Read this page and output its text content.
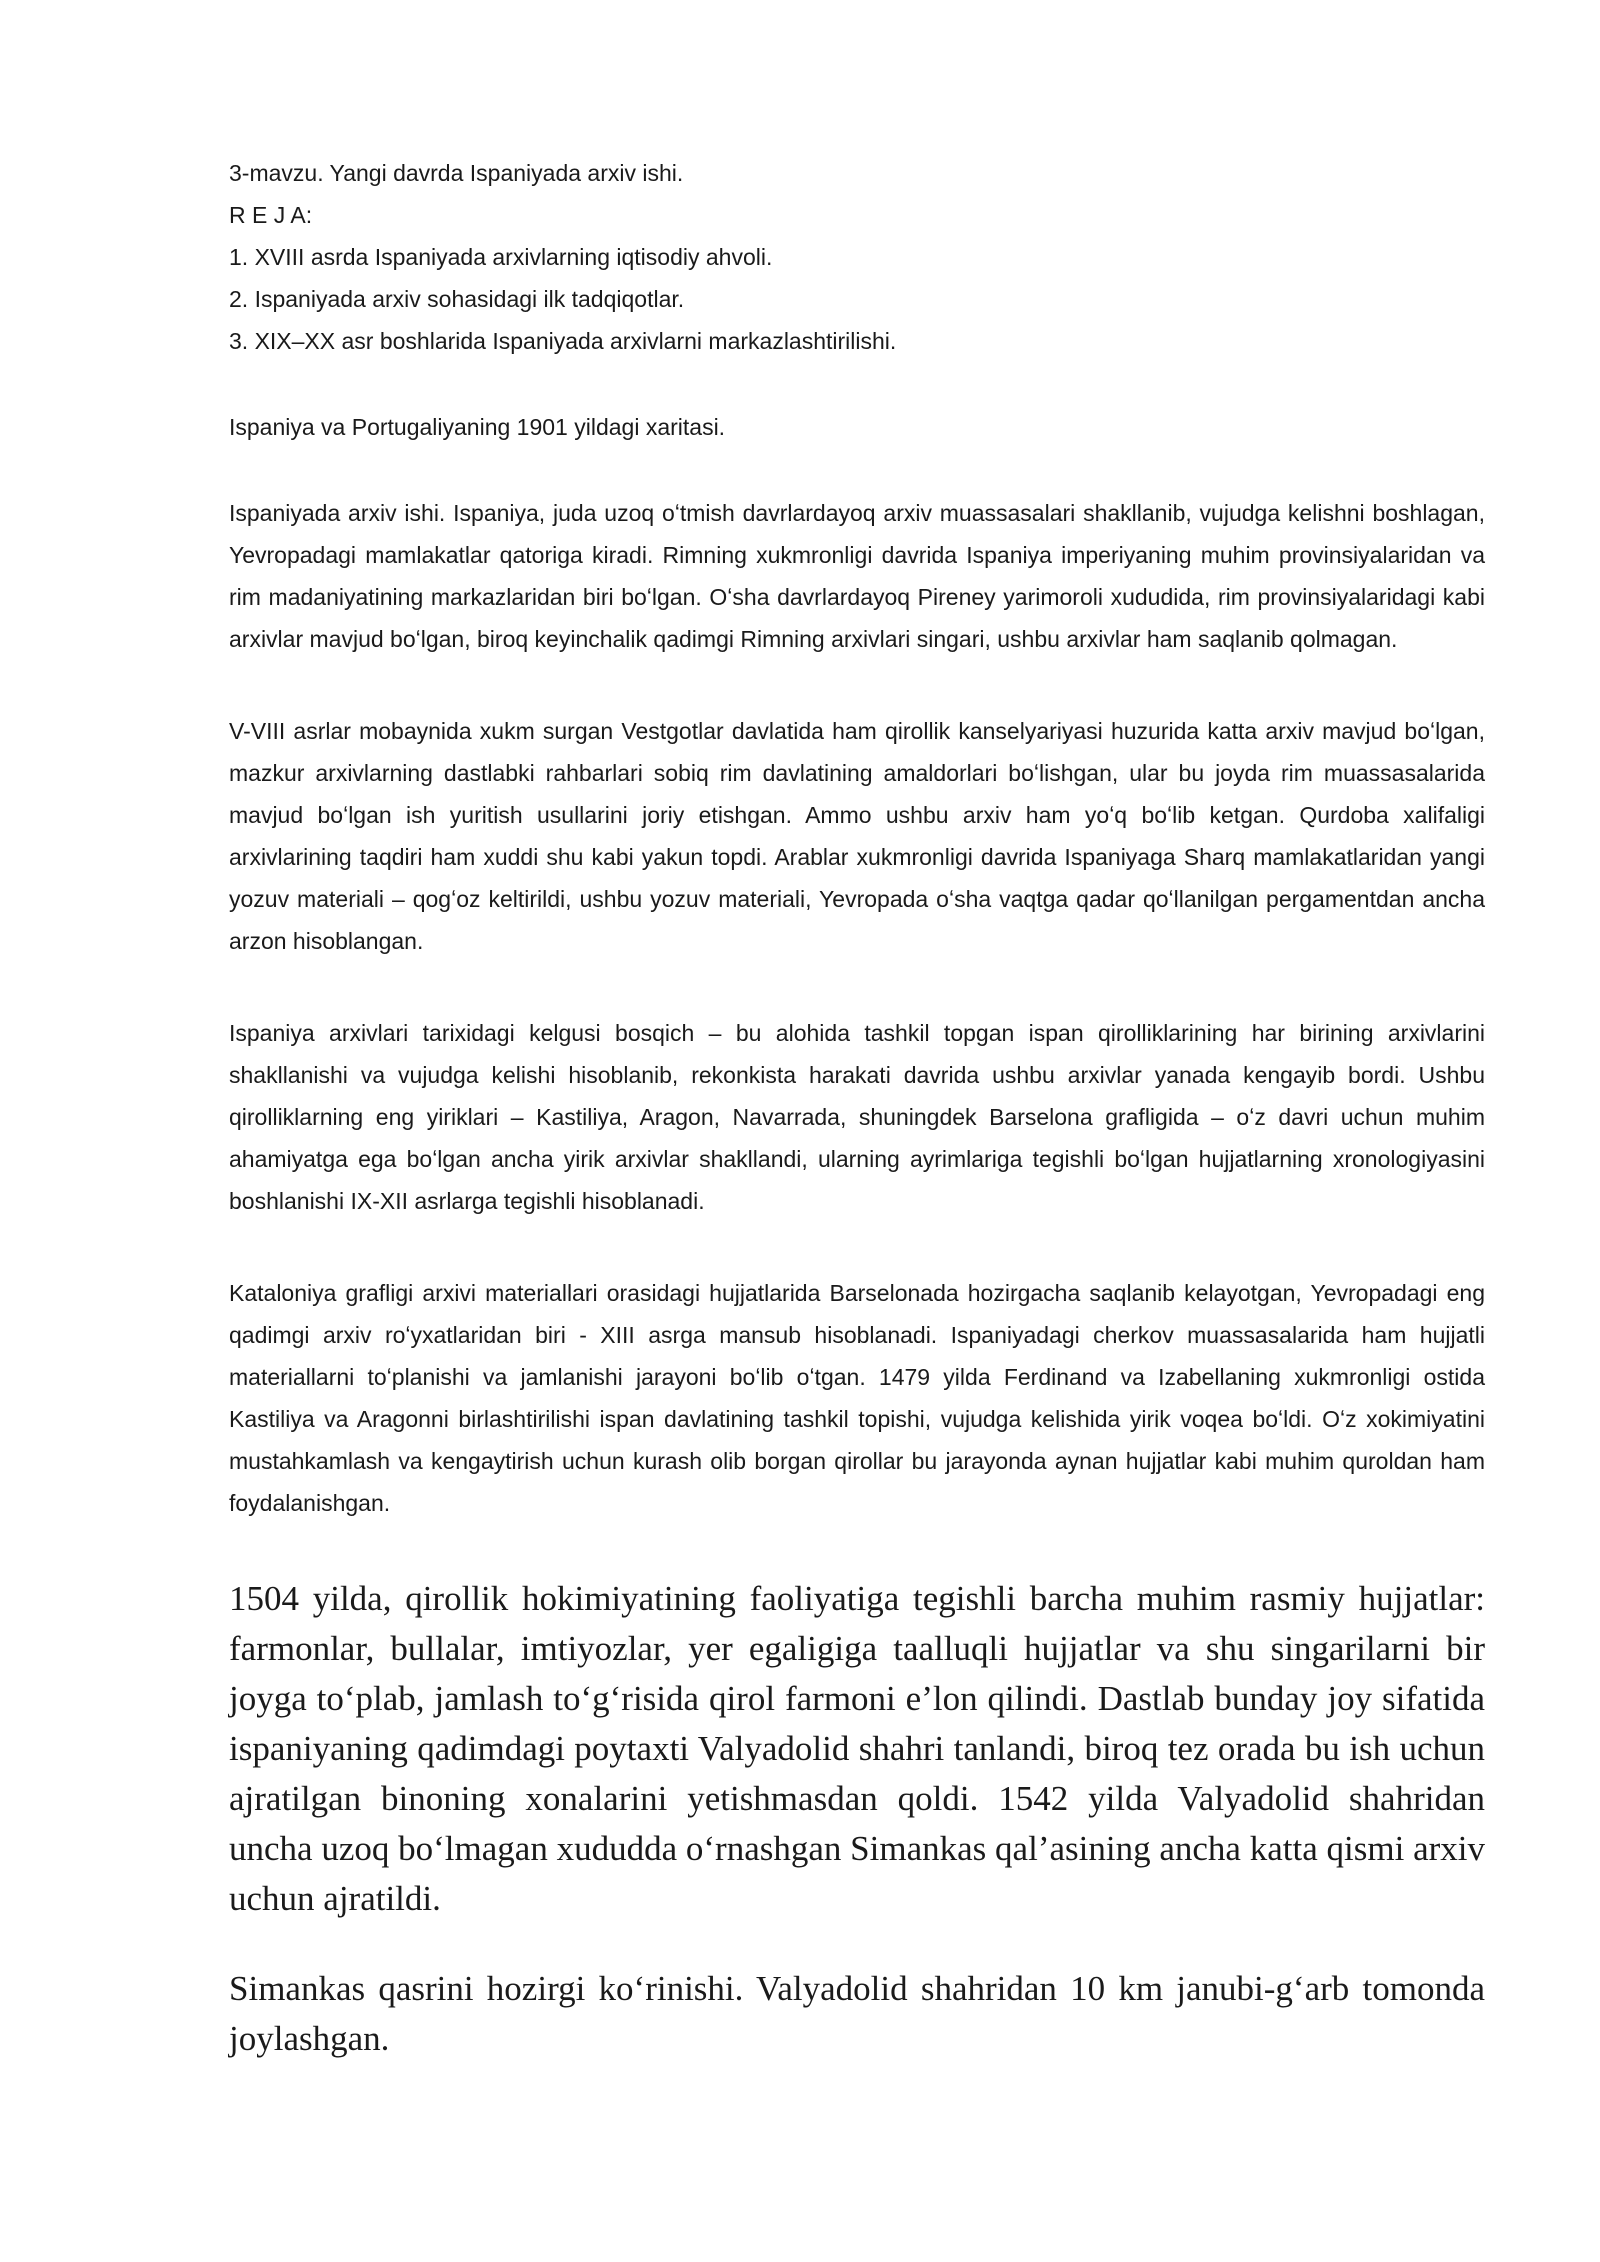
3-mavzu. Yangi davrda Ispaniyada arxiv ishi.

R E J A:

1. XVIII asrda Ispaniyada arxivlarning iqtisodiy ahvoli.

2. Ispaniyada arxiv sohasidagi ilk tadqiqotlar.

3. XIX–XX asr boshlarida Ispaniyada arxivlarni markazlashtirilishi.

Ispaniya va Portugaliyaning 1901 yildagi xaritasi.

Ispaniyada arxiv ishi. Ispaniya, juda uzoq oʻtmish davrlardayoq arxiv muassasalari shakllanib, vujudga kelishni boshlagan, Yevropadagi mamlakatlar qatoriga kiradi. Rimning xukmronligi davrida Ispaniya imperiyaning muhim provinsiyalaridan va rim madaniyatining markazlaridan biri boʻlgan. Oʻsha davrlardayoq Pireney yarimoroli xududida, rim provinsiyalaridagi kabi arxivlar mavjud boʻlgan, biroq keyinchalik qadimgi Rimning arxivlari singari, ushbu arxivlar ham saqlanib qolmagan.

V-VIII asrlar mobaynida xukm surgan Vestgotlar davlatida ham qirollik kanselyariyasi huzurida katta arxiv mavjud boʻlgan, mazkur arxivlarning dastlabki rahbarlari sobiq rim davlatining amaldorlari boʻlishgan, ular bu joyda rim muassasalarida mavjud boʻlgan ish yuritish usullarini joriy etishgan. Ammo ushbu arxiv ham yoʻq boʻlib ketgan. Qurdoba xalifaligi arxivlarining taqdiri ham xuddi shu kabi yakun topdi. Arablar xukmronligi davrida Ispaniyaga Sharq mamlakatlaridan yangi yozuv materiali – qogʻoz keltirildi, ushbu yozuv materiali, Yevropada oʻsha vaqtga qadar qoʻllanilgan pergamentdan ancha arzon hisoblangan.

Ispaniya arxivlari tarixidagi kelgusi bosqich – bu alohida tashkil topgan ispan qirolliklarining har birining arxivlarini shakllanishi va vujudga kelishi hisoblanib, rekonkista harakati davrida ushbu arxivlar yanada kengayib bordi. Ushbu qirolliklarning eng yiriklari – Kastiliya, Aragon, Navarrada, shuningdek Barselona grafligida – oʻz davri uchun muhim ahamiyatga ega boʻlgan ancha yirik arxivlar shakllandi, ularning ayrimlariga tegishli boʻlgan hujjatlarning xronologiyasini boshlanishi IX-XII asrlarga tegishli hisoblanadi.

Kataloniya grafligi arxivi materiallari orasidagi hujjatlarida Barselonada hozirgacha saqlanib kelayotgan, Yevropadagi eng qadimgi arxiv roʻyxatlaridan biri - XIII asrga mansub hisoblanadi. Ispaniyadagi cherkov muassasalarida ham hujjatli materiallarni toʻplanishi va jamlanishi jarayoni boʻlib oʻtgan. 1479 yilda Ferdinand va Izabellaning xukmronligi ostida Kastiliya va Aragonni birlashtirilishi ispan davlatining tashkil topishi, vujudga kelishida yirik voqea boʻldi. Oʻz xokimiyatini mustahkamlash va kengaytirish uchun kurash olib borgan qirollar bu jarayonda aynan hujjatlar kabi muhim quroldan ham foydalanishgan.

1504 yilda, qirollik hokimiyatining faoliyatiga tegishli barcha muhim rasmiy hujjatlar: farmonlar, bullalar, imtiyozlar, yer egaligiga taalluqli hujjatlar va shu singarilarni bir joyga toʻplab, jamlash toʻgʻrisida qirol farmoni e’lon qilindi. Dastlab bunday joy sifatida ispaniyaning qadimdagi poytaxti Valyadolid shahri tanlandi, biroq tez orada bu ish uchun ajratilgan binoning xonalarini yetishmasdan qoldi. 1542 yilda Valyadolid shahridan uncha uzoq boʻlmagan xududda oʻrnashgan Simankas qal’asining ancha katta qismi arxiv uchun ajratildi.

Simankas qasrini hozirgi koʻrinishi. Valyadolid shahridan 10 km janubi-gʻarb tomonda joylashgan.
